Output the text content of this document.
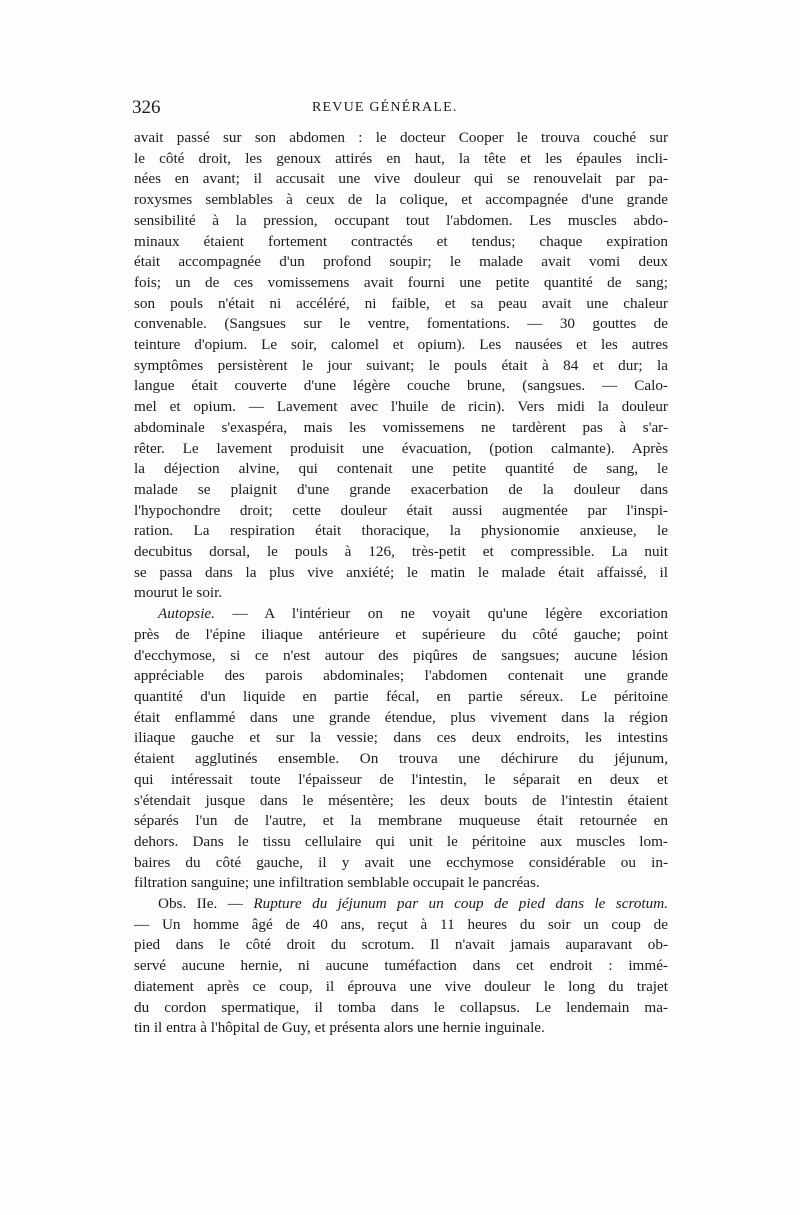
326	REVUE GÉNÉRALE.

avait passé sur son abdomen : le docteur Cooper le trouva couché sur
le côté droit, les genoux attirés en haut, la tête et les épaules incli-
nées en avant; il accusait une vive douleur qui se renouvelait par pa-
roxysmes semblables à ceux de la colique, et accompagnée d'une grande
sensibilité à la pression, occupant tout l'abdomen. Les muscles abdo-
minaux étaient fortement contractés et tendus; chaque expiration
était accompagnée d'un profond soupir; le malade avait vomi deux
fois; un de ces vomissemens avait fourni une petite quantité de sang;
son pouls n'était ni accéléré, ni faible, et sa peau avait une chaleur
convenable. (Sangsues sur le ventre, fomentations. — 30 gouttes de
teinture d'opium. Le soir, calomel et opium). Les nausées et les autres
symptômes persistèrent le jour suivant; le pouls était à 84 et dur; la
langue était couverte d'une légère couche brune, (sangsues. — Calo-
mel et opium. — Lavement avec l'huile de ricin). Vers midi la douleur
abdominale s'exaspéra, mais les vomissemens ne tardèrent pas à s'ar-
rêter. Le lavement produisit une évacuation, (potion calmante). Après
la déjection alvine, qui contenait une petite quantité de sang, le
malade se plaignit d'une grande exacerbation de la douleur dans
l'hypochondre droit; cette douleur était aussi augmentée par l'inspi-
ration. La respiration était thoracique, la physionomie anxieuse, le
decubitus dorsal, le pouls à 126, très-petit et compressible. La nuit
se passa dans la plus vive anxiété; le matin le malade était affaissé, il
mourut le soir.

Autopsie. — A l'intérieur on ne voyait qu'une légère excoriation
près de l'épine iliaque antérieure et supérieure du côté gauche; point
d'ecchymose, si ce n'est autour des piqûres de sangsues; aucune lésion
appréciable des parois abdominales; l'abdomen contenait une grande
quantité d'un liquide en partie fécal, en partie séreux. Le péritoine
était enflammé dans une grande étendue, plus vivement dans la région
iliaque gauche et sur la vessie; dans ces deux endroits, les intestins
étaient agglutinés ensemble. On trouva une déchirure du jéjunum,
qui intéressait toute l'épaisseur de l'intestin, le séparait en deux et
s'étendait jusque dans le mésentère; les deux bouts de l'intestin étaient
séparés l'un de l'autre, et la membrane muqueuse était retournée en
dehors. Dans le tissu cellulaire qui unit le péritoine aux muscles lom-
baires du côté gauche, il y avait une ecchymose considérable ou in-
filtration sanguine; une infiltration semblable occupait le pancréas.

Obs. IIe. — Rupture du jéjunum par un coup de pied dans le scrotum.
— Un homme âgé de 40 ans, reçut à 11 heures du soir un coup de
pied dans le côté droit du scrotum. Il n'avait jamais auparavant ob-
servé aucune hernie, ni aucune tuméfaction dans cet endroit : immé-
diatement après ce coup, il éprouva une vive douleur le long du trajet
du cordon spermatique, il tomba dans le collapsus. Le lendemain ma-
tin il entra à l'hôpital de Guy, et présenta alors une hernie inguinale.
